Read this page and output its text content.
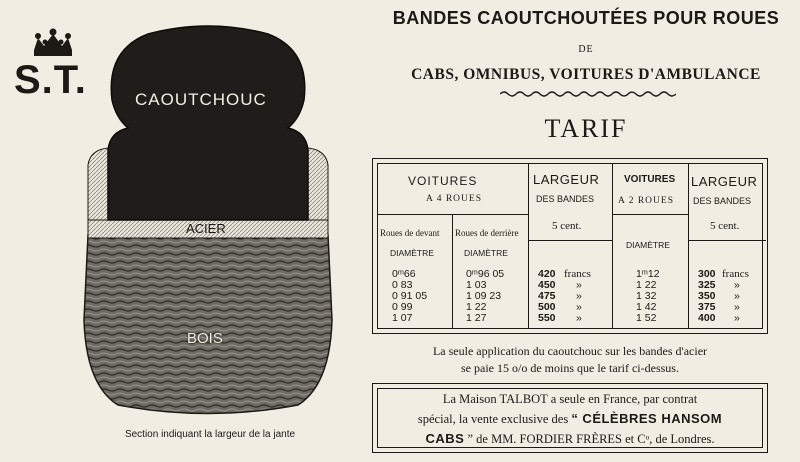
S.T.	CAOUTCHOUC
ACIER
BOIS
Section indiquant la largeur de la jante
BANDES CAOUTCHOUTÉES POUR ROUES
DE
CABS, OMNIBUS, VOITURES D'AMBULANCE
TARIF
VOITURES
A 4 ROUES
Roues de devant Roues de derrière
DIAMÈTRE	DIAMÈTRE
LARGEUR
DES BANDES
5 cent.
VOITURES
A 2 ROUES
DIAMÈTRE
LARGEUR
DES BANDES
5 cent.
0ᵐ66
0 83
0 91 05
0 99
1 07
0ᵐ96 05
1 03
1 09 23
1 22
1 27
420 francs
450
475
500
550
»
»
»
»
1ᵐ12
1 22
1 32
1 42
1 52
300 francs
325
350
375
400
»
»
»
»
La seule application du caoutchouc sur les bandes d'acier
se paie 15 o/o de moins que le tarif ci-dessus.
La Maison TALBOT a seule en France, par contrat
spécial, la vente exclusive des “ CÉLÈBRES HANSOM
CABS ” de MM. FORDIER FRÈRES et Cᵒ, de Londres.
